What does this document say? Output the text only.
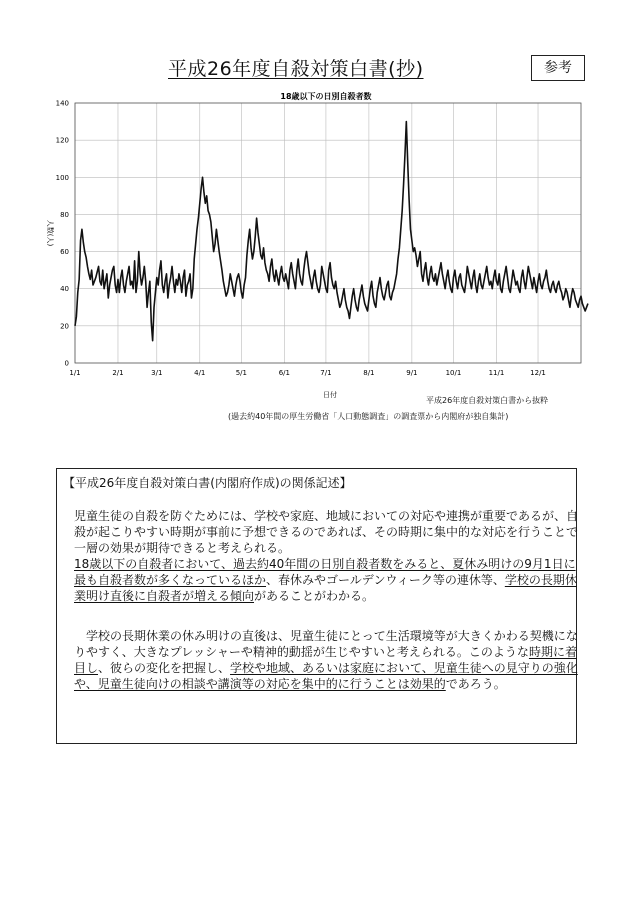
平成26年度自殺対策白書(抄)	参考
18歳以下の日別自殺者数
0
20
40
60
80
100
120
140
1/1	2/1	3/1	4/1	5/1	6/1	7/1	8/1	9/1	10/1	11/1	12/1
人数(人)
日付
平成26年度自殺対策白書から抜粋
(過去約40年間の厚生労働省「人口動態調査」の調査票から内閣府が独自集計)
【平成26年度自殺対策白書(内閣府作成)の関係記述】

児童生徒の自殺を防ぐためには、学校や家庭、地域においての対応や連携が重要であるが、自殺が起こりやすい時期が事前に予想できるのであれば、その時期に集中的な対応を行うことで一層の効果が期待できると考えられる。
18歳以下の自殺者において、過去約40年間の日別自殺者数をみると、夏休み明けの9月1日に最も自殺者数が多くなっているほか、春休みやゴールデンウィーク等の連休等、学校の長期休業明け直後に自殺者が増える傾向があることがわかる。

　学校の長期休業の休み明けの直後は、児童生徒にとって生活環境等が大きくかわる契機になりやすく、大きなプレッシャーや精神的動揺が生じやすいと考えられる。このような時期に着目し、彼らの変化を把握し、学校や地域、あるいは家庭において、児童生徒への見守りの強化や、児童生徒向けの相談や講演等の対応を集中的に行うことは効果的であろう。
